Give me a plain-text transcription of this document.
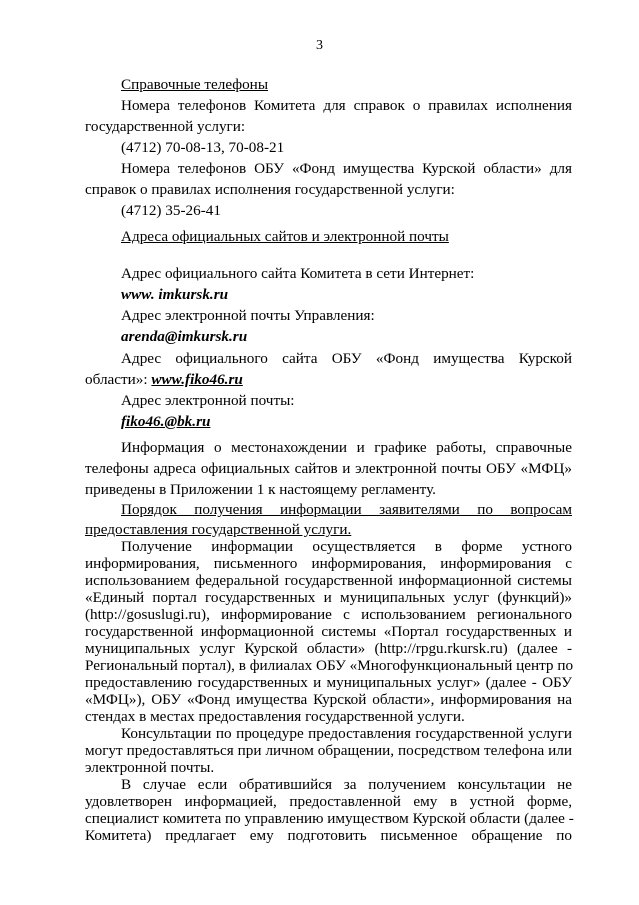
3
Справочные телефоны
Номера телефонов Комитета для справок о правилах исполнения
государственной услуги:
(4712) 70-08-13, 70-08-21
Номера телефонов ОБУ «Фонд имущества Курской области» для
справок о правилах исполнения государственной услуги:
(4712) 35-26-41
Адреса официальных сайтов и электронной почты
Адрес официального сайта Комитета в сети Интернет:
www. imkursk.ru
Адрес электронной почты Управления:
arenda@imkursk.ru
Адрес официального сайта ОБУ «Фонд имущества Курской
области»: www.fiko46.ru
Адрес электронной почты:
fiko46.@bk.ru
Информация о местонахождении и графике работы, справочные
телефоны адреса официальных сайтов и электронной почты ОБУ «МФЦ»
приведены в Приложении 1 к настоящему регламенту.
Порядок получения информации заявителями по вопросам
предоставления государственной услуги.
Получение информации осуществляется в форме устного
информирования, письменного информирования, информирования с
использованием федеральной государственной информационной системы
«Единый портал государственных и муниципальных услуг (функций)»
(http://gosuslugi.ru), информирование с использованием регионального
государственной информационной системы «Портал государственных и
муниципальных услуг Курской области» (http://rpgu.rkursk.ru) (далее -
Региональный портал), в филиалах ОБУ «Многофункциональный центр по
предоставлению государственных и муниципальных услуг» (далее - ОБУ
«МФЦ»), ОБУ «Фонд имущества Курской области», информирования на
стендах в местах предоставления государственной услуги.
Консультации по процедуре предоставления государственной услуги
могут предоставляться при личном обращении, посредством телефона или
электронной почты.
В случае если обратившийся за получением консультации не
удовлетворен информацией, предоставленной ему в устной форме,
специалист комитета по управлению имуществом Курской области (далее -
Комитета) предлагает ему подготовить письменное обращение по
